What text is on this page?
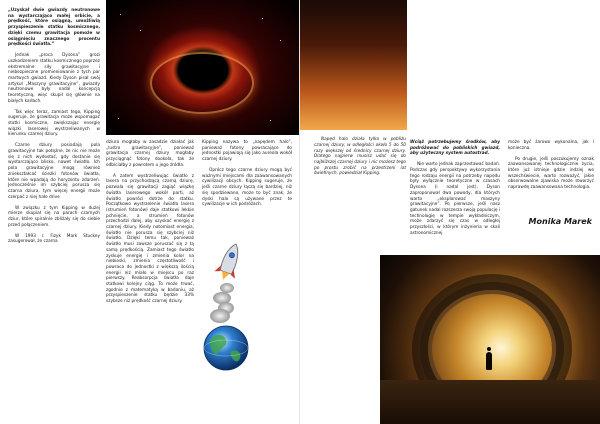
„Uzyskał dwie gwiazdy neutronowe na wystarczająco małej orbicie, a prędkość, które osiągną, umożliwią przyspieszenie statku kosmicznego, dzięki czemu grawitacja pomoże w osiągnięciu znacznego procentu prędkości światła.”

Jednak „proca Dysona” grozi uszkodzeniem statku kosmicznego poprzez ekstremalne siły grawitacyjne i niebezpieczne promieniowanie z tych par martwych gwiazd. Kiedy Dyson pisał swój artykuł „Maszyny grawitacyjne”, gwiazdy neutronowe były nadal koncepcją teoretyczną, więc skupił się głównie na białych karłach.

Tak więc teraz, zamiast tego, Kipping sugeruje, że grawitacja może wspomagać statki kosmiczne, zwiększając energię wiązki laserowej wystrzeliwanych w kierunku czarnej dziury.

Czarne dziury posiadają pola grawitacyjne tak potężne, że nic nie może się z nich wydostać, gdy dostanie się wystarczająco blisko, nawet światło. Ich pola grawitacyjne mogą również zniekształcać ścieżki fotonów światła, które nie wpadają do horyzontu zdarzeń. Jednocześnie im szybciej porusza się czarna dziura, tym więcej energii może czerpać z niej hało drive

W związku z tym Kipping w dużej mierze skupiał się na parach czarnych dziur, które spiralnie zbliżały się do siebie przed połączeniem.

W 1993 r. Fizyk Mark Stuckey zasugerował, że czarna

dziura mogłaby w zasadzie działać jak „lustro grawitacyjne”, ponieważ grawitacja czarnej dziury mogłaby przyciągnąć fotony dookoła, tak że odbiciałby z powrotem u jego źródła.

A zatem wystrzeliwując światło z lasera na przychodzącą czarną dziurę, pozwala się grawitacji zagiąć wiązkę światła laserowego wokół parti, aż światło powróci dotrze do statku. Początkowo wystrzelenie światła lasera (strumień fotonów) daje statkowi lekkie pchnięcie, a strumień fotonów przechodzi dalej, aby uzyskać energię z czarnej dziury. Kiedy natomiast energia, światło nie porusza się szybciej niż światło. Dzięki temu tak, ponieważ światło musi zawsze poruszać się z tą samą prędkością. Zamiast tego światło zyskuje energię i zmienia kolor na niebieski, zmienia częstotliwość i powraca do jednostki z większą ilością energii niż miało w miejscu po raz pierwszy. Reabsorpcja światła daje statkowi kolejny ciąg. To może trwać, zgodnie z matematyką w badaniu, aż przyspieszenie statku będzie 33% szybsze niż prędkość czarnej dziury.

Kipping nazywa to „napędem halo”, ponieważ fotony powracające do jednostki pojawiają się jako aureola wokół czarnej dziury.

Oprócz tego czarne dziury mogą być ważnymi miejscami dla zaawansowanych cywilizacji obcych. Kipping sugeruje, że jeśli czarne dziury łączą się bardziej, niż się spodziewano, może to być znak, że dyski halo są używane przez te cywilizacje w ich podróżach.

Napęd halo działa tylko w pobliżu czarnej dziury, w odległości około 5 do 50 razy większej od średnicy czarnej dziury. Dlatego najpierw musisz udać się do najbliższej czarnej dziury i nic możesz tego po prostu zrobić na przestrzeni lat świetlnych, powiedział Kipping.

Wciąż potrzebujemy środków, aby podróżować do pobliskich gwiazd, aby użyteczny system autostrad.

Nie warto jednak zaprzestawać badań. Podczas gdy perspektywy wykorzystania tego rodzaju energii na potrzeby napędu były wyłącznie teoretyczne w czasach Dysona (i nadal jest), Dyson zaproponował dwa powody, dla których warto „eksplorować maszyny grawitacyjne”. Po pierwsze, jeśli nasz gatunek nadal rozszerza swoją populację i technologię w tempie wykładniczym, może zdarzyć się czas w odległej przyszłości, w którym inżynieria w skali astronomicznej

może być żarowo wykonalna, jak i konieczna.

Po drugie, jeśli poszukujemy oznak zaawansowanej technologicznie życia, które już istnieje gdzie indziej we wszechświecie, warto rozważyć, jakie obserwowalne zjawiska może stworzyć naprawdę zaawansowana technologia.

Monika Marek
